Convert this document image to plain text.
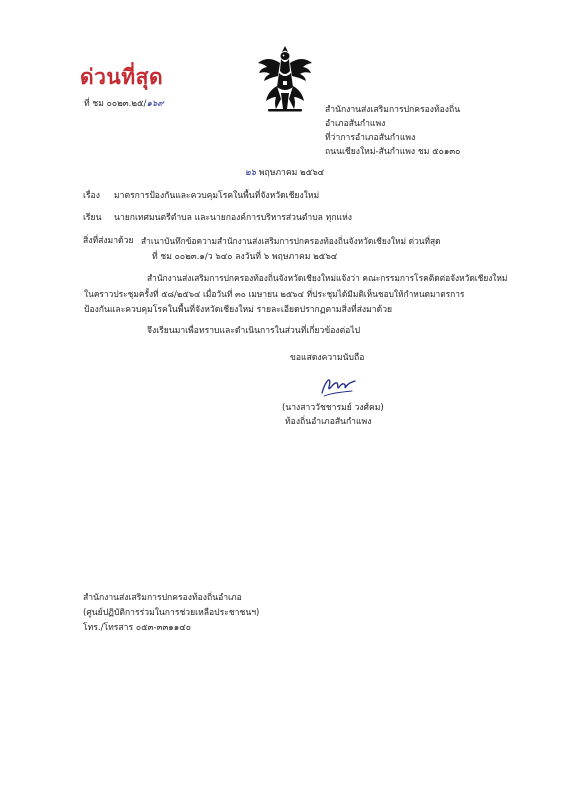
ด่วนที่สุด
ที่ ชม ๐๐๒๓.๒๕/๑๖๙
สำนักงานส่งเสริมการปกครองท้องถิ่น
อำเภอสันกำแพง
ที่ว่าการอำเภอสันกำแพง
ถนนเชียงใหม่-สันกำแพง ชม ๕๐๑๓๐
๒๖ พฤษภาคม ๒๕๖๔
เรื่อง มาตรการป้องกันและควบคุมโรคในพื้นที่จังหวัดเชียงใหม่
เรียน นายกเทศมนตรีตำบล และนายกองค์การบริหารส่วนตำบล ทุกแห่ง
สิ่งที่ส่งมาด้วย สำเนาบันทึกข้อความสำนักงานส่งเสริมการปกครองท้องถิ่นจังหวัดเชียงใหม่ ด่วนที่สุด
ที่ ชม ๐๐๒๓.๑/ว ๖๔๐ ลงวันที่ ๖ พฤษภาคม ๒๕๖๔
สำนักงานส่งเสริมการปกครองท้องถิ่นจังหวัดเชียงใหม่แจ้งว่า คณะกรรมการโรคติดต่อจังหวัดเชียงใหม่
ในคราวประชุมครั้งที่ ๕๘/๒๕๖๔ เมื่อวันที่ ๓๐ เมษายน ๒๕๖๔ ที่ประชุมได้มีมติเห็นชอบให้กำหนดมาตรการ
ป้องกันและควบคุมโรคในพื้นที่จังหวัดเชียงใหม่ รายละเอียดปรากฏตามสิ่งที่ส่งมาด้วย
จึงเรียนมาเพื่อทราบและดำเนินการในส่วนที่เกี่ยวข้องต่อไป
ขอแสดงความนับถือ
(นางสาววัชชารมย์ วงศ์คม)
ท้องถิ่นอำเภอสันกำแพง
สำนักงานส่งเสริมการปกครองท้องถิ่นอำเภอ
(ศูนย์ปฏิบัติการร่วมในการช่วยเหลือประชาชนฯ)
โทร./โทรสาร ๐๕๓-๓๓๑๑๔๐
